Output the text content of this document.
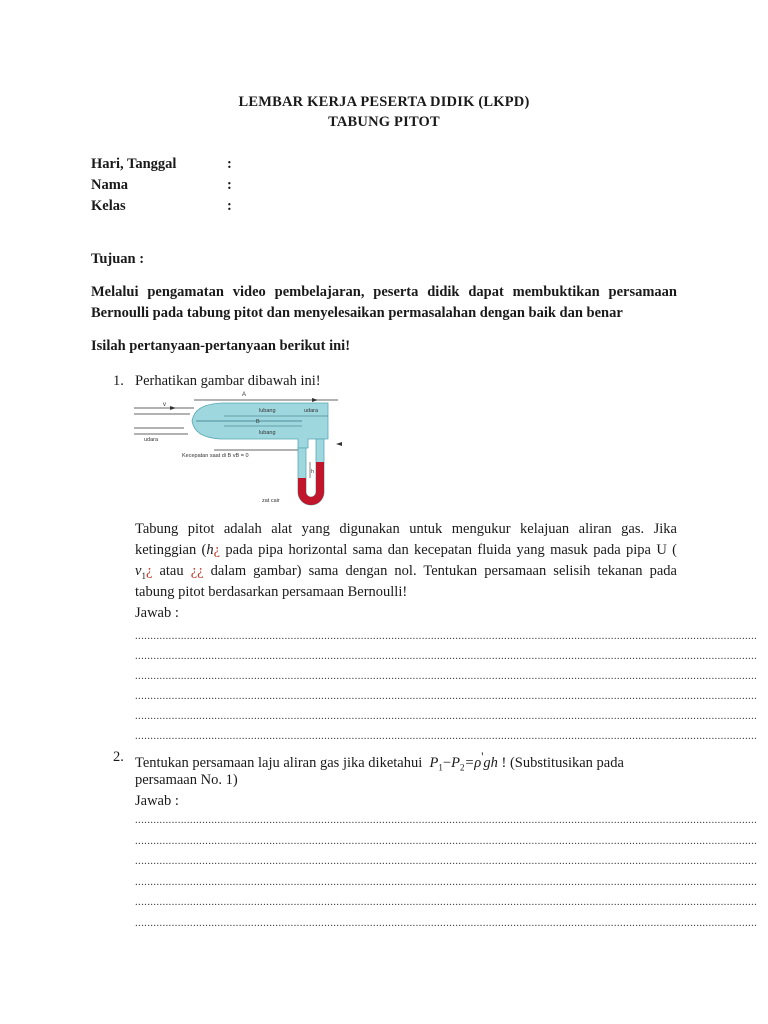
LEMBAR KERJA PESERTA DIDIK (LKPD)
TABUNG PITOT
Hari, Tanggal	:
Nama	:
Kelas	:
Tujuan :
Melalui pengamatan video pembelajaran, peserta didik dapat membuktikan persamaan
Bernoulli pada tabung pitot dan menyelesaikan permasalahan dengan baik dan benar
Isilah pertanyaan-pertanyaan berikut ini!
1. Perhatikan gambar dibawah ini!
A
v
lubang	udara
B
lubang
udara
Kecepatan saat di B vB = 0
h
zat cair
Tabung pitot adalah alat yang digunakan untuk mengukur kelajuan aliran gas. Jika
ketinggian (h¿ pada pipa horizontal sama dan kecepatan fluida yang masuk pada pipa U (
$v_1¿$ atau ¿¿ dalam gambar) sama dengan nol. Tentukan persamaan selisih tekanan pada
tabung pitot berdasarkan persamaan Bernoulli!
Jawab :
............................................................................................................................................................................................................
............................................................................................................................................................................................................
............................................................................................................................................................................................................
............................................................................................................................................................................................................
............................................................................................................................................................................................................
............................................................................................................................................................................................................
2. Tentukan persamaan laju aliran gas jika diketahui $P_1-P_2=\rho'gh$ ! (Substitusikan pada
persamaan No. 1)
Jawab :
............................................................................................................................................................................................................
............................................................................................................................................................................................................
............................................................................................................................................................................................................
............................................................................................................................................................................................................
............................................................................................................................................................................................................
............................................................................................................................................................................................................
